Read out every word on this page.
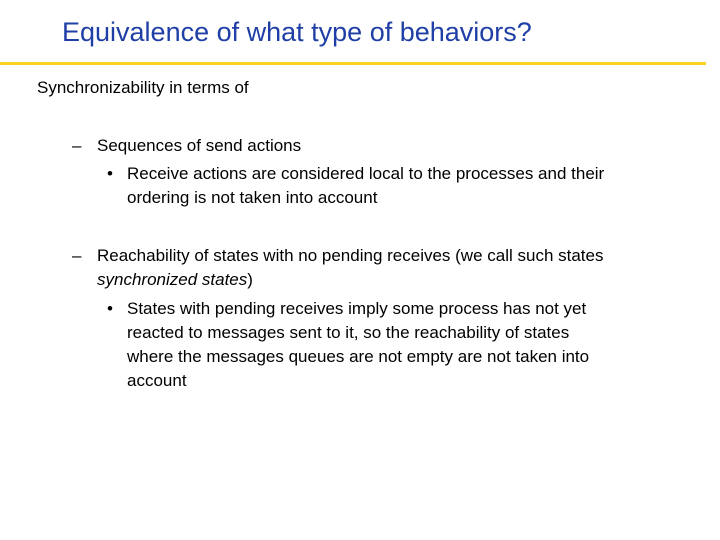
Equivalence of what type of behaviors?
Synchronizability in terms of
– Sequences of send actions
• Receive actions are considered local to the processes and their
ordering is not taken into account
– Reachability of states with no pending receives (we call such states
synchronized states)
• States with pending receives imply some process has not yet
reacted to messages sent to it, so the reachability of states
where the messages queues are not empty are not taken into
account
